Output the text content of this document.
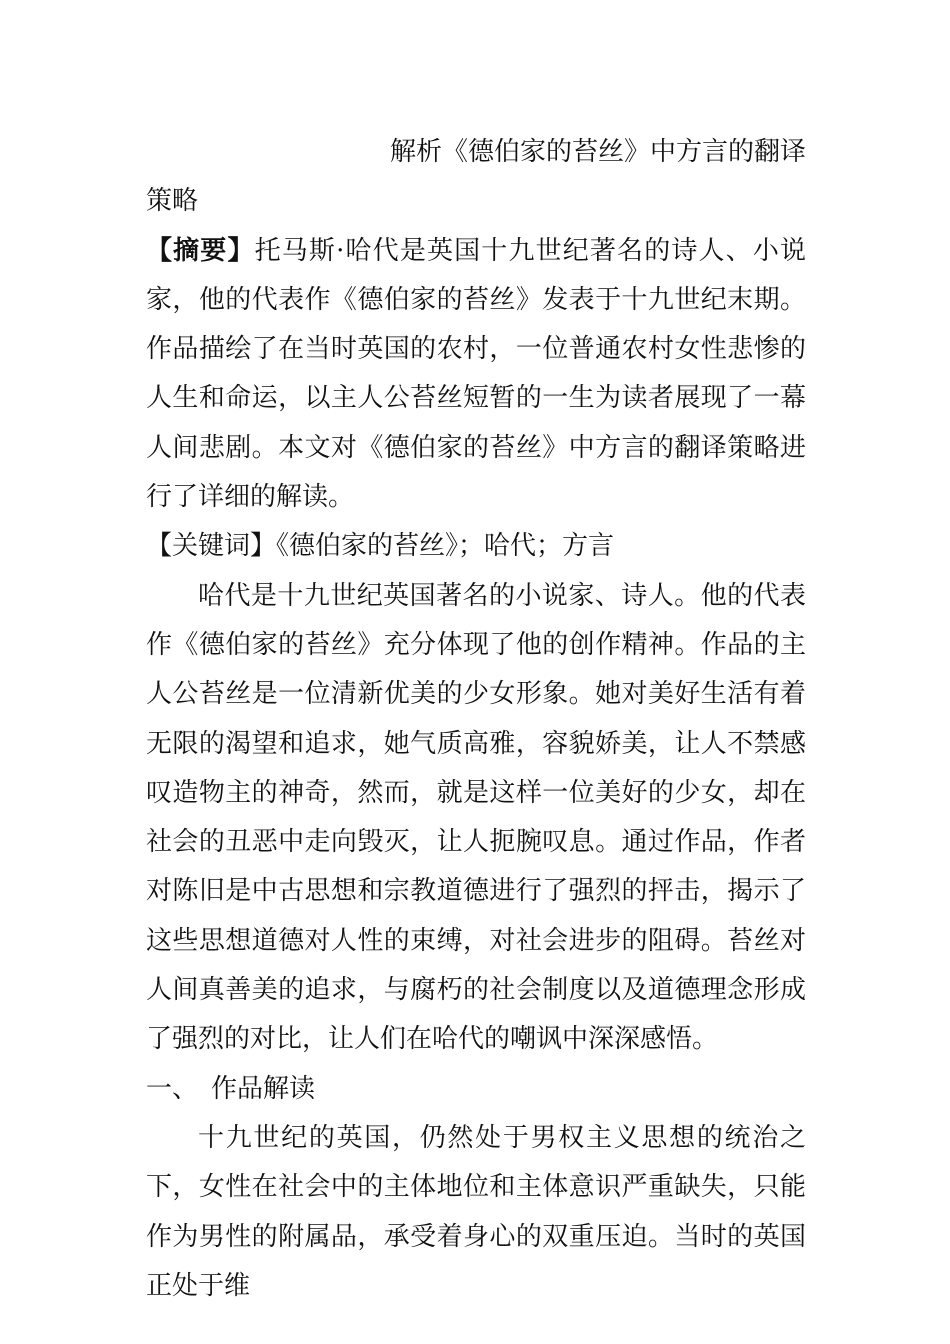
解析《德伯家的苔丝》中方言的翻译

策略

【摘要】托马斯·哈代是英国十九世纪著名的诗人、小说家，他的代表作《德伯家的苔丝》发表于十九世纪末期。作品描绘了在当时英国的农村，一位普通农村女性悲惨的人生和命运，以主人公苔丝短暂的一生为读者展现了一幕人间悲剧。本文对《德伯家的苔丝》中方言的翻译策略进行了详细的解读。

【关键词】《德伯家的苔丝》；哈代；方言

哈代是十九世纪英国著名的小说家、诗人。他的代表作《德伯家的苔丝》充分体现了他的创作精神。作品的主人公苔丝是一位清新优美的少女形象。她对美好生活有着无限的渴望和追求，她气质高雅，容貌娇美，让人不禁感叹造物主的神奇，然而，就是这样一位美好的少女，却在社会的丑恶中走向毁灭，让人扼腕叹息。通过作品，作者对陈旧是中古思想和宗教道德进行了强烈的抨击，揭示了这些思想道德对人性的束缚，对社会进步的阻碍。苔丝对人间真善美的追求，与腐朽的社会制度以及道德理念形成了强烈的对比，让人们在哈代的嘲讽中深深感悟。

一、　作品解读

十九世纪的英国，仍然处于男权主义思想的统治之下，女性在社会中的主体地位和主体意识严重缺失，只能作为男性的附属品，承受着身心的双重压迫。当时的英国正处于维
